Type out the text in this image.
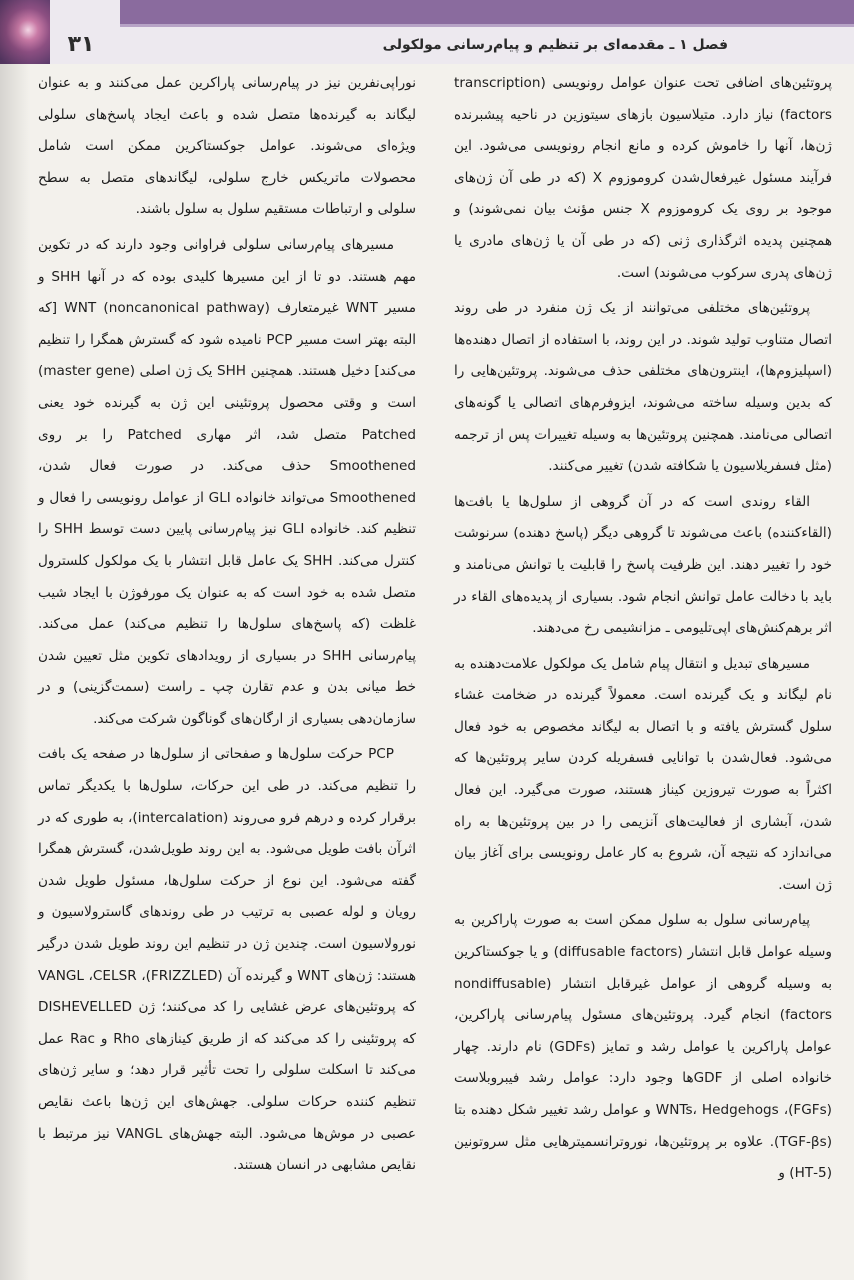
۳۱	فصل ۱ ـ مقدمه‌ای بر تنظیم و پیام‌رسانی مولکولی

پروتئین‌های اضافی تحت عنوان عوامل رونویسی (transcription factors) نیاز دارد. متیلاسیون بازهای سیتوزین در ناحیه پیشبرنده ژن‌ها، آنها را خاموش کرده و مانع انجام رونویسی می‌شود. این فرآیند مسئول غیرفعال‌شدن کروموزوم X (که در طی آن ژن‌های موجود بر روی یک کروموزوم X جنس مؤنث بیان نمی‌شوند) و همچنین پدیده اثرگذاری ژنی (که در طی آن یا ژن‌های مادری یا ژن‌های پدری سرکوب می‌شوند) است.

پروتئین‌های مختلفی می‌توانند از یک ژن منفرد در طی روند اتصال متناوب تولید شوند. در این روند، با استفاده از اتصال دهنده‌ها (اسپلیزوم‌ها)، اینترون‌های مختلفی حذف می‌شوند. پروتئین‌هایی را که بدین وسیله ساخته می‌شوند، ایزوفرم‌های اتصالی یا گونه‌های اتصالی می‌نامند. همچنین پروتئین‌ها به وسیله تغییرات پس از ترجمه (مثل فسفریلاسیون یا شکافته شدن) تغییر می‌کنند.

القاء روندی است که در آن گروهی از سلول‌ها یا بافت‌ها (القاءکننده) باعث می‌شوند تا گروهی دیگر (پاسخ دهنده) سرنوشت خود را تغییر دهند. این ظرفیت پاسخ را قابلیت یا توانش می‌نامند و باید با دخالت عامل توانش انجام شود. بسیاری از پدیده‌های القاء در اثر برهم‌کنش‌های اپی‌تلیومی ـ مزانشیمی رخ می‌دهند.

مسیرهای تبدیل و انتقال پیام شامل یک مولکول علامت‌دهنده به نام لیگاند و یک گیرنده است. معمولاً گیرنده در ضخامت غشاء سلول گسترش یافته و با اتصال به لیگاند مخصوص به خود فعال می‌شود. فعال‌شدن با توانایی فسفریله کردن سایر پروتئین‌ها که اکثراً به صورت تیروزین کیناز هستند، صورت می‌گیرد. این فعال شدن، آبشاری از فعالیت‌های آنزیمی را در بین پروتئین‌ها به راه می‌اندازد که نتیجه آن، شروع به کار عامل رونویسی برای آغاز بیان ژن است.

پیام‌رسانی سلول به سلول ممکن است به صورت پاراکرین به وسیله عوامل قابل انتشار (diffusable factors) و یا جوکستاکرین به وسیله گروهی از عوامل غیرقابل انتشار (nondiffusable factors) انجام گیرد. پروتئین‌های مسئول پیام‌رسانی پاراکرین، عوامل پاراکرین یا عوامل رشد و تمایز (GDFs) نام دارند. چهار خانواده اصلی از GDFها وجود دارد: عوامل رشد فیبروبلاست (FGFs)، WNTs، Hedgehogs و عوامل رشد تغییر شکل دهنده بتا (TGF-βs). علاوه بر پروتئین‌ها، نوروترانسمیترهایی مثل سروتونین (5-HT) و

نوراپی‌نفرین نیز در پیام‌رسانی پاراکرین عمل می‌کنند و به عنوان لیگاند به گیرنده‌ها متصل شده و باعث ایجاد پاسخ‌های سلولی ویژه‌ای می‌شوند. عوامل جوکستاکرین ممکن است شامل محصولات ماتریکس خارج سلولی، لیگاندهای متصل به سطح سلولی و ارتباطات مستقیم سلول به سلول باشند.

مسیرهای پیام‌رسانی سلولی فراوانی وجود دارند که در تکوین مهم هستند. دو تا از این مسیرها کلیدی بوده که در آنها SHH و مسیر WNT غیرمتعارف WNT (noncanonical pathway) [که البته بهتر است مسیر PCP نامیده شود که گسترش همگرا را تنظیم می‌کند] دخیل هستند. همچنین SHH یک ژن اصلی (master gene) است و وقتی محصول پروتئینی این ژن به گیرنده خود یعنی Patched متصل شد، اثر مهاری Patched را بر روی Smoothened حذف می‌کند. در صورت فعال شدن، Smoothened می‌تواند خانواده GLI از عوامل رونویسی را فعال و تنظیم کند. خانواده GLI نیز پیام‌رسانی پایین دست توسط SHH را کنترل می‌کند. SHH یک عامل قابل انتشار با یک مولکول کلسترول متصل شده به خود است که به عنوان یک مورفوژن با ایجاد شیب غلظت (که پاسخ‌های سلول‌ها را تنظیم می‌کند) عمل می‌کند. پیام‌رسانی SHH در بسیاری از رویدادهای تکوین مثل تعیین شدن خط میانی بدن و عدم تقارن چپ ـ راست (سمت‌گزینی) و در سازمان‌دهی بسیاری از ارگان‌های گوناگون شرکت می‌کند.

PCP حرکت سلول‌ها و صفحاتی از سلول‌ها در صفحه یک بافت را تنظیم می‌کند. در طی این حرکات، سلول‌ها با یکدیگر تماس برقرار کرده و درهم فرو می‌روند (intercalation)، به طوری که در اثرآن بافت طویل می‌شود. به این روند طویل‌شدن، گسترش همگرا گفته می‌شود. این نوع از حرکت سلول‌ها، مسئول طویل شدن رویان و لوله عصبی به ترتیب در طی روندهای گاسترولاسیون و نورولاسیون است. چندین ژن در تنظیم این روند طویل شدن درگیر هستند: ژن‌های WNT و گیرنده آن (FRIZZLED)، VANGL ،CELSR که پروتئین‌های عرض غشایی را کد می‌کنند؛ ژن DISHEVELLED که پروتئینی را کد می‌کند که از طریق کینازهای Rho و Rac عمل می‌کند تا اسکلت سلولی را تحت تأثیر قرار دهد؛ و سایر ژن‌های تنظیم کننده حرکات سلولی. جهش‌های این ژن‌ها باعث نقایص عصبی در موش‌ها می‌شود. البته جهش‌های VANGL نیز مرتبط با نقایص مشابهی در انسان هستند.
